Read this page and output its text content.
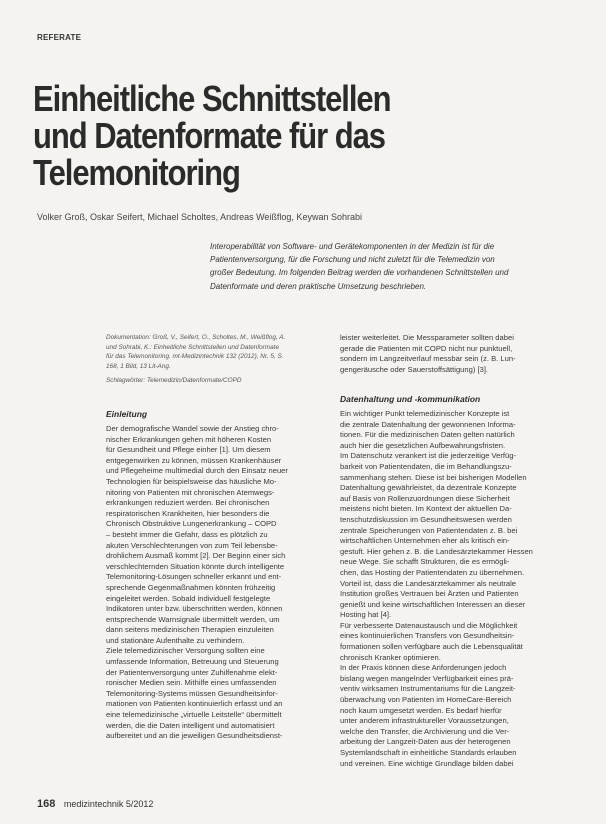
REFERATE
Einheitliche Schnittstellen
und Datenformate für das
Telemonitoring
Volker Groß, Oskar Seifert, Michael Scholtes, Andreas Weißflog, Keywan Sohrabi
Interoperabilität von Software- und Gerätekomponenten in der Medizin ist für die
Patientenversorgung, für die Forschung und nicht zuletzt für die Telemedizin von
großer Bedeutung. Im folgenden Beitrag werden die vorhandenen Schnittstellen und
Datenformate und deren praktische Umsetzung beschrieben.
Dokumentation: Groß, V., Seifert, O., Scholtes, M., Weißflog, A.
und Sohrabi, K.: Einheitliche Schnittstellen und Datenformate
für das Telemonitoring. mt-Medizintechnik 132 (2012), Nr. 5, S.
168, 1 Bild, 13 Lit-Ang.
Schlagwörter: Telemedizin/Datenformate/COPD
Einleitung
Der demografische Wandel sowie der Anstieg chro-
nischer Erkrankungen gehen mit höheren Kosten
für Gesundheit und Pflege einher [1]. Um diesem
entgegenwirken zu können, müssen Krankenhäuser
und Pflegeheime multimedial durch den Einsatz neuer
Technologien für beispielsweise das häusliche Mo-
nitoring von Patienten mit chronischen Atemwegs-
erkrankungen reduziert werden. Bei chronischen
respiratorischen Krankheiten, hier besonders die
Chronisch Obstruktive Lungenerkrankung – COPD
– besteht immer die Gefahr, dass es plötzlich zu
akuten Verschlechterungen von zum Teil lebensbe-
drohlichem Ausmaß kommt [2]. Der Beginn einer sich
verschlechternden Situation könnte durch intelligente
Telemonitoring-Lösungen schneller erkannt und ent-
sprechende Gegenmaßnahmen könnten frühzeitig
eingeleitet werden. Sobald individuell festgelegte
Indikatoren unter bzw. überschritten werden, können
entsprechende Warnsignale übermittelt werden, um
dann seitens medizinischen Therapien einzuleiten
und stationäre Aufenthalte zu verhindern.
Ziele telemedizinischer Versorgung sollten eine
umfassende Information, Betreuung und Steuerung
der Patientenversorgung unter Zuhilfenahme elekt-
ronischer Medien sein. Mithilfe eines umfassenden
Telemonitoring-Systems müssen Gesundheitsinfor-
mationen von Patienten kontinuierlich erfasst und an
eine telemedizinische „virtuelle Leitstelle“ übermittelt
werden, die die Daten intelligent und automatisiert
aufbereitet und an die jeweiligen Gesundheitsdienst-
leister weiterleitet. Die Messparameter sollten dabei
gerade die Patienten mit COPD nicht nur punktuell,
sondern im Langzeitverlauf messbar sein (z. B. Lun-
gengeräusche oder Sauerstoffsättigung) [3].
Datenhaltung und -kommunikation
Ein wichtiger Punkt telemedizinischer Konzepte ist
die zentrale Datenhaltung der gewonnenen Informa-
tionen. Für die medizinischen Daten gelten natürlich
auch hier die gesetzlichen Aufbewahrungsfristen.
Im Datenschutz verankert ist die jederzeitige Verfüg-
barkeit von Patientendaten, die im Behandlungszu-
sammenhang stehen. Diese ist bei bisherigen Modellen
Datenhaltung gewährleistet, da dezentrale Konzepte
auf Basis von Rollenzuordnungen diese Sicherheit
meistens nicht bieten. Im Kontext der aktuellen Da-
tenschutzdiskussion im Gesundheitswesen werden
zentrale Speicherungen von Patientendaten z. B. bei
wirtschaftlichen Unternehmen eher als kritisch ein-
gestuft. Hier gehen z. B. die Landesärztekammer Hessen
neue Wege. Sie schafft Strukturen, die es ermögli-
chen, das Hosting der Patientendaten zu übernehmen.
Vorteil ist, dass die Landesärztekammer als neutrale
Institution großes Vertrauen bei Ärzten und Patienten
genießt und keine wirtschaftlichen Interessen an dieser
Hosting hat [4].
Für verbesserte Datenaustausch und die Möglichkeit
eines kontinuierlichen Transfers von Gesundheitsin-
formationen sollen verfügbare auch die Lebensqualität
chronisch Kranker optimieren.
In der Praxis können diese Anforderungen jedoch
bislang wegen mangelnder Verfügbarkeit eines prä-
ventiv wirksamen Instrumentariums für die Langzeit-
überwachung von Patienten im HomeCare-Bereich
noch kaum umgesetzt werden. Es bedarf hierfür
unter anderem infrastruktureller Voraussetzungen,
welche den Transfer, die Archivierung und die Ver-
arbeitung der Langzeit-Daten aus der heterogenen
Systemlandschaft in einheitliche Standards erlauben
und vereinen. Eine wichtige Grundlage bilden dabei
168 medizintechnik 5/2012
